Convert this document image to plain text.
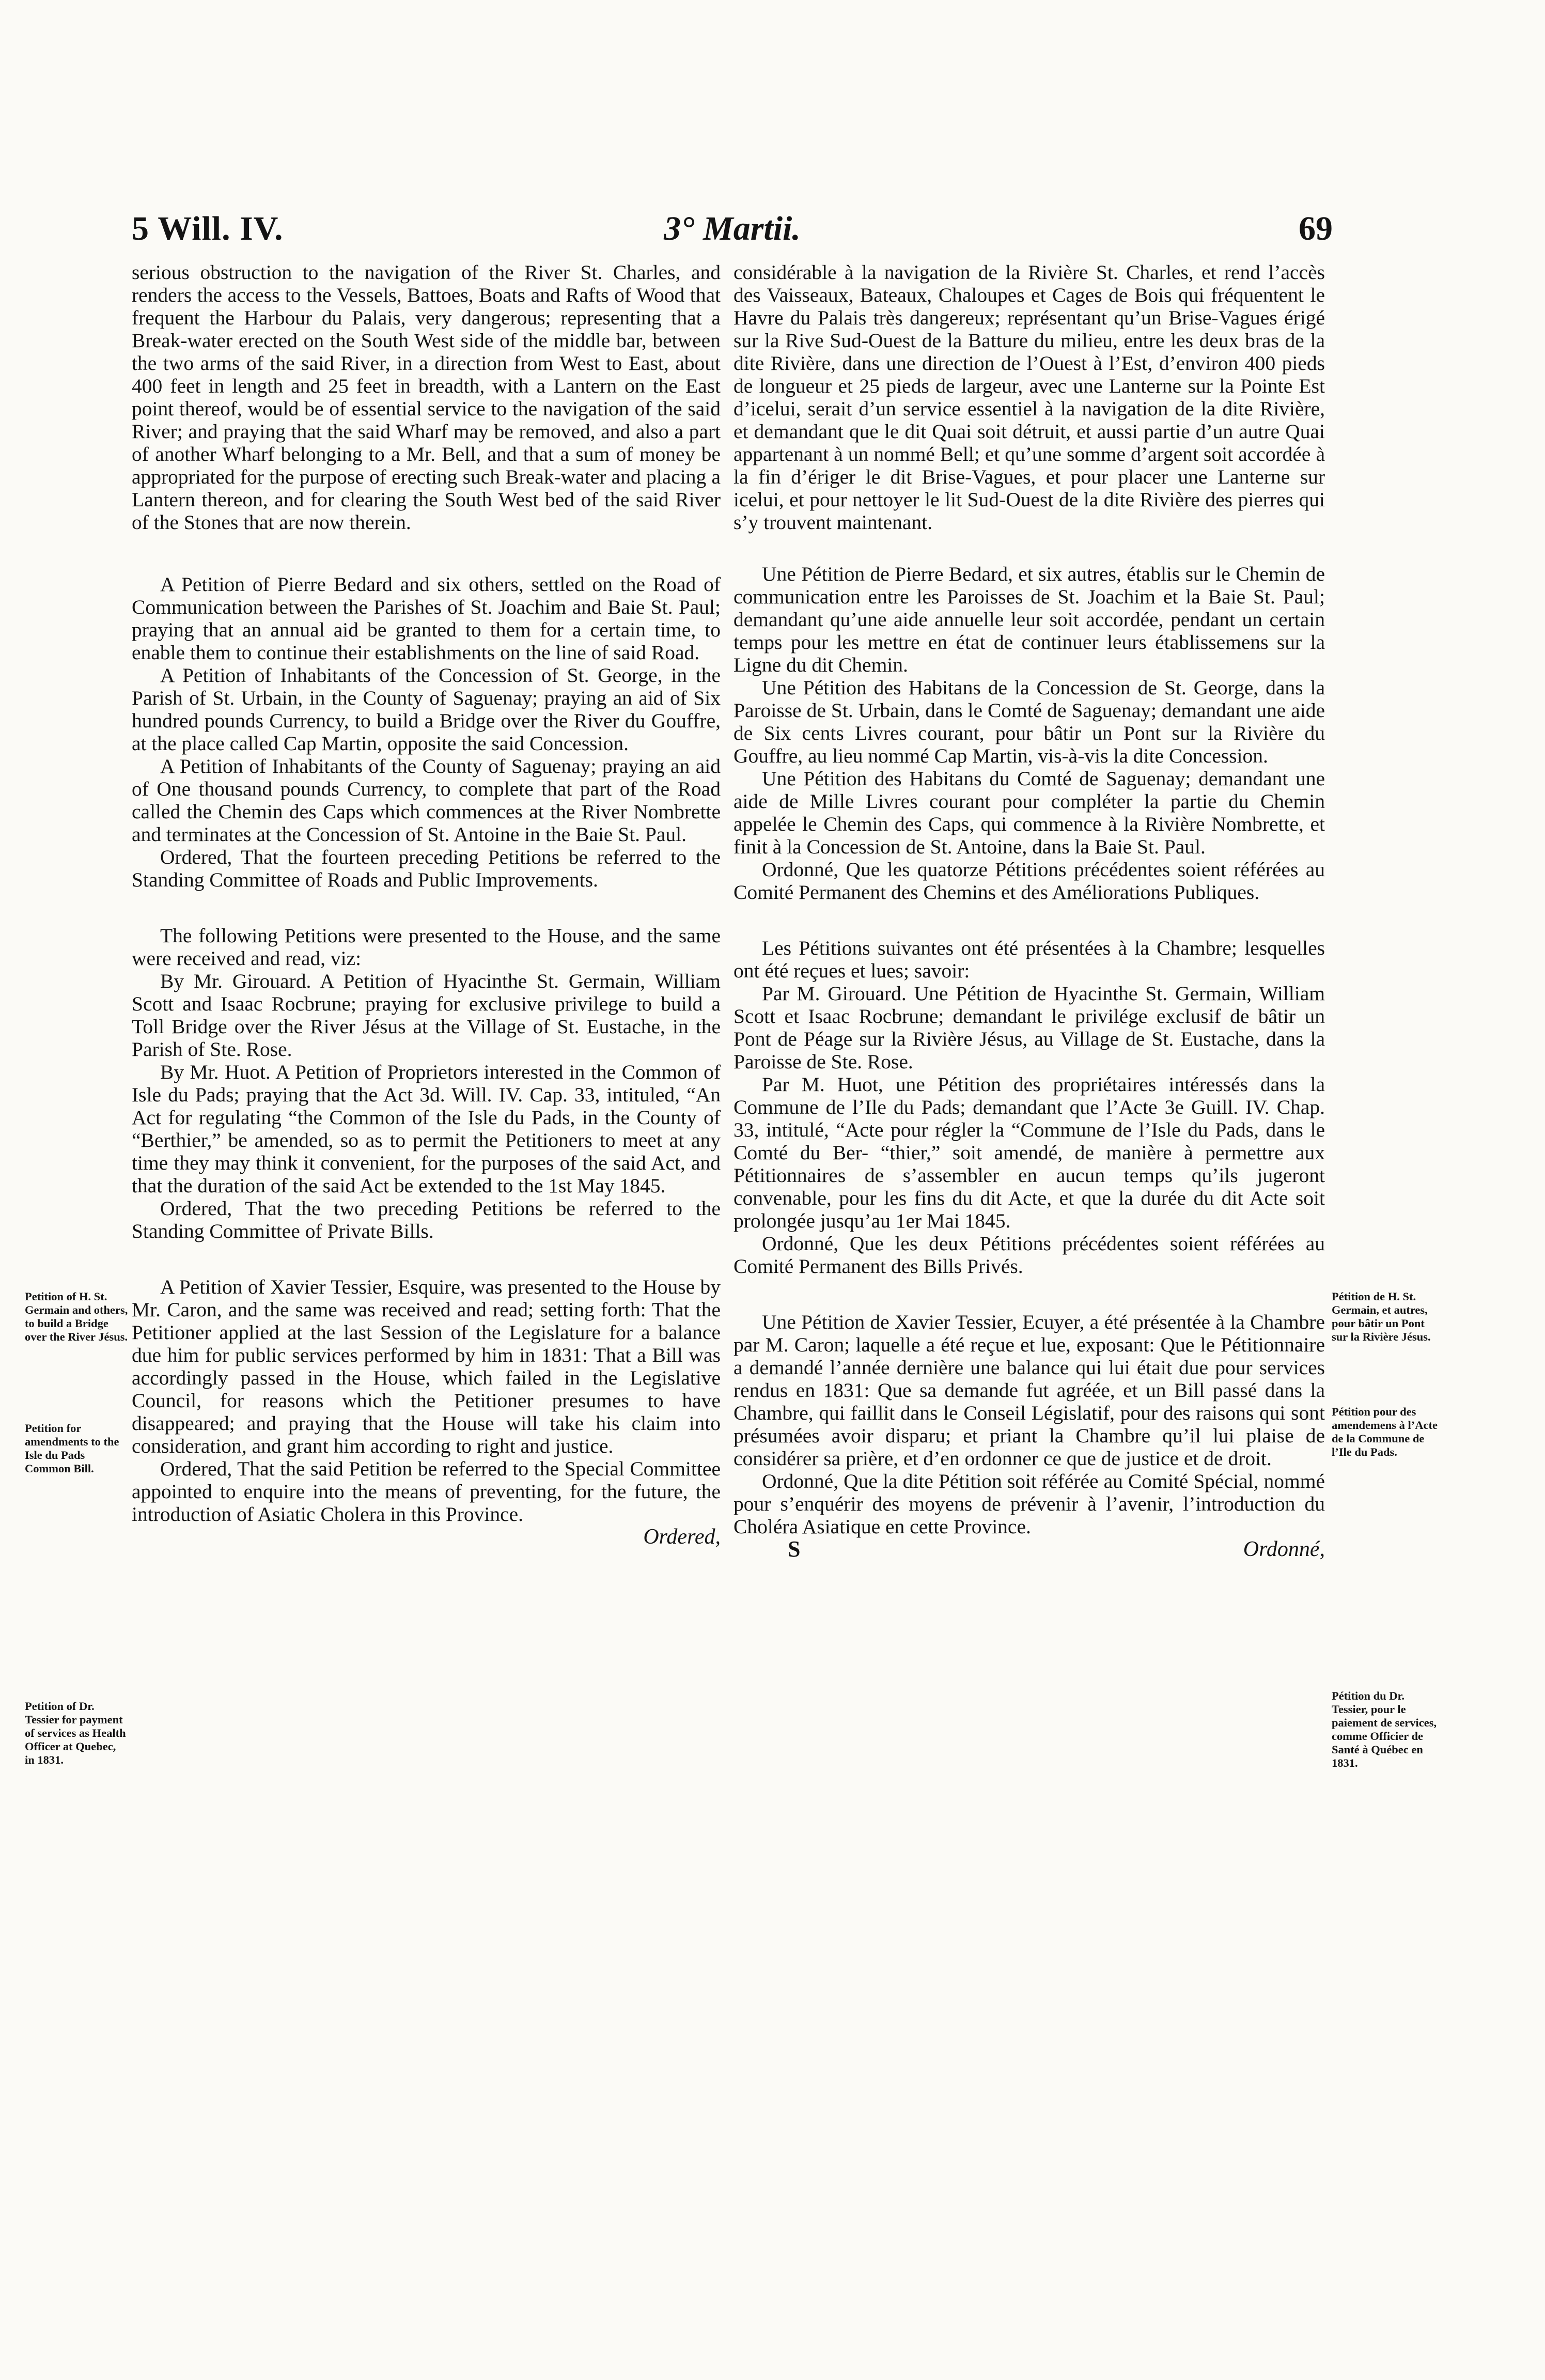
5 Will. IV.	3° Martii.	69

serious obstruction to the navigation of the River St. Charles, and renders the access to the Vessels, Battoes, Boats and Rafts of Wood that frequent the Harbour du Palais, very dangerous; representing that a Break-water erected on the South West side of the middle bar, between the two arms of the said River, in a direction from West to East, about 400 feet in length and 25 feet in breadth, with a Lantern on the East point thereof, would be of essential service to the navigation of the said River; and praying that the said Wharf may be removed, and also a part of another Wharf belonging to a Mr. Bell, and that a sum of money be appropriated for the purpose of erecting such Break-water and placing a Lantern thereon, and for clearing the South West bed of the said River of the Stones that are now therein.

A Petition of Pierre Bedard and six others, settled on the Road of Communication between the Parishes of St. Joachim and Baie St. Paul; praying that an annual aid be granted to them for a certain time, to enable them to continue their establishments on the line of said Road.

A Petition of Inhabitants of the Concession of St. George, in the Parish of St. Urbain, in the County of Saguenay; praying an aid of Six hundred pounds Currency, to build a Bridge over the River du Gouffre, at the place called Cap Martin, opposite the said Concession.

A Petition of Inhabitants of the County of Saguenay; praying an aid of One thousand pounds Currency, to complete that part of the Road called the Chemin des Caps which commences at the River Nombrette and terminates at the Concession of St. Antoine in the Baie St. Paul.

Ordered, That the fourteen preceding Petitions be referred to the Standing Committee of Roads and Public Improvements.

The following Petitions were presented to the House, and the same were received and read, viz:

By Mr. Girouard. A Petition of Hyacinthe St. Germain, William Scott and Isaac Rocbrune; praying for exclusive privilege to build a Toll Bridge over the River Jésus at the Village of St. Eustache, in the Parish of Ste. Rose.

By Mr. Huot. A Petition of Proprietors interested in the Common of Isle du Pads; praying that the Act 3d. Will. IV. Cap. 33, intituled, “An Act for regulating “the Common of the Isle du Pads, in the County of “Berthier,” be amended, so as to permit the Petitioners to meet at any time they may think it convenient, for the purposes of the said Act, and that the duration of the said Act be extended to the 1st May 1845.

Ordered, That the two preceding Petitions be referred to the Standing Committee of Private Bills.

A Petition of Xavier Tessier, Esquire, was presented to the House by Mr. Caron, and the same was received and read; setting forth: That the Petitioner applied at the last Session of the Legislature for a balance due him for public services performed by him in 1831: That a Bill was accordingly passed in the House, which failed in the Legislative Council, for reasons which the Petitioner presumes to have disappeared; and praying that the House will take his claim into consideration, and grant him according to right and justice.

Ordered, That the said Petition be referred to the Special Committee appointed to enquire into the means of preventing, for the future, the introduction of Asiatic Cholera in this Province.

Ordered,

considérable à la navigation de la Rivière St. Charles, et rend l’accès des Vaisseaux, Bateaux, Chaloupes et Cages de Bois qui fréquentent le Havre du Palais très dangereux; représentant qu’un Brise-Vagues érigé sur la Rive Sud-Ouest de la Batture du milieu, entre les deux bras de la dite Rivière, dans une direction de l’Ouest à l’Est, d’environ 400 pieds de longueur et 25 pieds de largeur, avec une Lanterne sur la Pointe Est d’icelui, serait d’un service essentiel à la navigation de la dite Rivière, et demandant que le dit Quai soit détruit, et aussi partie d’un autre Quai appartenant à un nommé Bell; et qu’une somme d’argent soit accordée à la fin d’ériger le dit Brise-Vagues, et pour placer une Lanterne sur icelui, et pour nettoyer le lit Sud-Ouest de la dite Rivière des pierres qui s’y trouvent maintenant.

Une Pétition de Pierre Bedard, et six autres, établis sur le Chemin de communication entre les Paroisses de St. Joachim et la Baie St. Paul; demandant qu’une aide annuelle leur soit accordée, pendant un certain temps pour les mettre en état de continuer leurs établissemens sur la Ligne du dit Chemin.

Une Pétition des Habitans de la Concession de St. George, dans la Paroisse de St. Urbain, dans le Comté de Saguenay; demandant une aide de Six cents Livres courant, pour bâtir un Pont sur la Rivière du Gouffre, au lieu nommé Cap Martin, vis-à-vis la dite Concession.

Une Pétition des Habitans du Comté de Saguenay; demandant une aide de Mille Livres courant pour compléter la partie du Chemin appelée le Chemin des Caps, qui commence à la Rivière Nombrette, et finit à la Concession de St. Antoine, dans la Baie St. Paul.

Ordonné, Que les quatorze Pétitions précédentes soient référées au Comité Permanent des Chemins et des Améliorations Publiques.

Les Pétitions suivantes ont été présentées à la Chambre; lesquelles ont été reçues et lues; savoir:

Par M. Girouard. Une Pétition de Hyacinthe St. Germain, William Scott et Isaac Rocbrune; demandant le privilége exclusif de bâtir un Pont de Péage sur la Rivière Jésus, au Village de St. Eustache, dans la Paroisse de Ste. Rose.

Par M. Huot, une Pétition des propriétaires intéressés dans la Commune de l’Ile du Pads; demandant que l’Acte 3e Guill. IV. Chap. 33, intitulé, “Acte pour régler la “Commune de l’Isle du Pads, dans le Comté du Ber- “thier,” soit amendé, de manière à permettre aux Pétitionnaires de s’assembler en aucun temps qu’ils jugeront convenable, pour les fins du dit Acte, et que la durée du dit Acte soit prolongée jusqu’au 1er Mai 1845.

Ordonné, Que les deux Pétitions précédentes soient référées au Comité Permanent des Bills Privés.

Une Pétition de Xavier Tessier, Ecuyer, a été présentée à la Chambre par M. Caron; laquelle a été reçue et lue, exposant: Que le Pétitionnaire a demandé l’année dernière une balance qui lui était due pour services rendus en 1831: Que sa demande fut agréée, et un Bill passé dans la Chambre, qui faillit dans le Conseil Législatif, pour des raisons qui sont présumées avoir disparu; et priant la Chambre qu’il lui plaise de considérer sa prière, et d’en ordonner ce que de justice et de droit.

Ordonné, Que la dite Pétition soit référée au Comité Spécial, nommé pour s’enquérir des moyens de prévenir à l’avenir, l’introduction du Choléra Asiatique en cette Province.

S	Ordonné,

Petition of H. St. Germain and others, to build a Bridge over the River Jésus.
Petition for amendments to the Isle du Pads Common Bill.
Petition of Dr. Tessier for payment of services as Health Officer at Quebec, in 1831.
Pétition de H. St. Germain, et autres, pour bâtir un Pont sur la Rivière Jésus.
Pétition pour des amendemens à l’Acte de la Commune de l’Ile du Pads.
Pétition du Dr. Tessier, pour le paiement de services, comme Officier de Santé à Québec en 1831.
